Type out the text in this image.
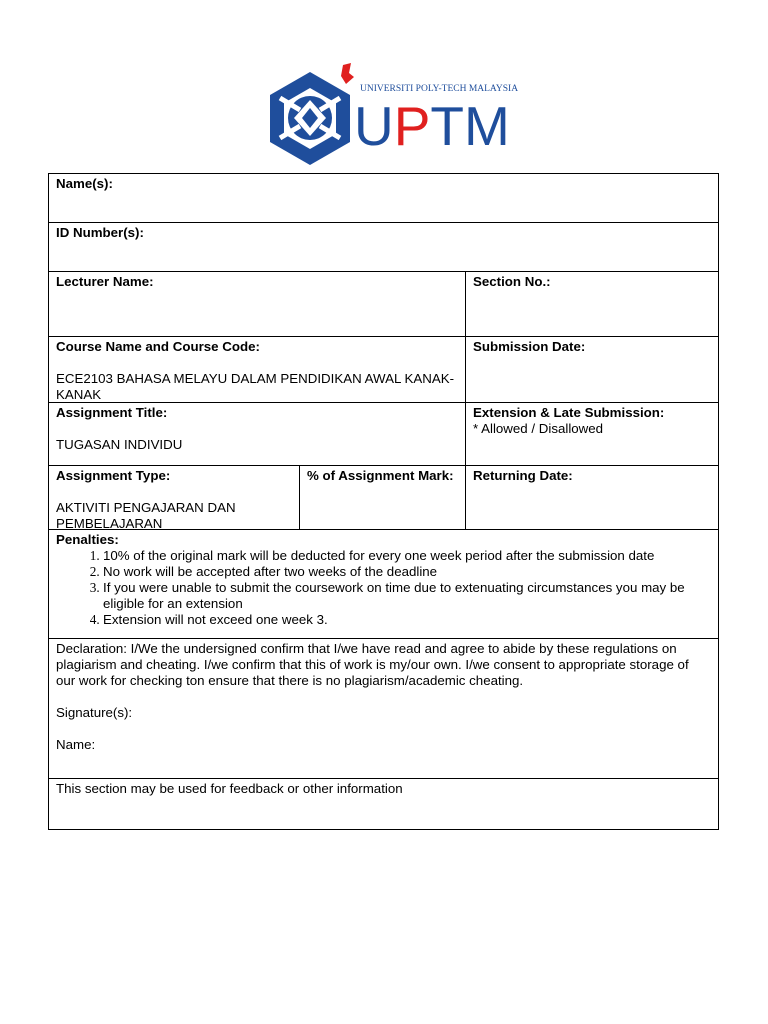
UNIVERSITI POLY-TECH MALAYSIA
UPTM
Name(s):
ID Number(s):
Lecturer Name:	Section No.:
Course Name and Course Code:
ECE2103 BAHASA MELAYU DALAM PENDIDIKAN AWAL KANAK-KANAK
Submission Date:
Assignment Title:
TUGASAN INDIVIDU
Extension & Late Submission:
* Allowed / Disallowed
Assignment Type:
AKTIVITI PENGAJARAN DAN PEMBELAJARAN
% of Assignment Mark:	Returning Date:
Penalties:
1. 10% of the original mark will be deducted for every one week period after the submission date
2. No work will be accepted after two weeks of the deadline
3. If you were unable to submit the coursework on time due to extenuating circumstances you may be eligible for an extension
4. Extension will not exceed one week 3.
Declaration: I/We the undersigned confirm that I/we have read and agree to abide by these regulations on plagiarism and cheating. I/we confirm that this of work is my/our own. I/we consent to appropriate storage of our work for checking ton ensure that there is no plagiarism/academic cheating.
Signature(s):
Name:
This section may be used for feedback or other information
